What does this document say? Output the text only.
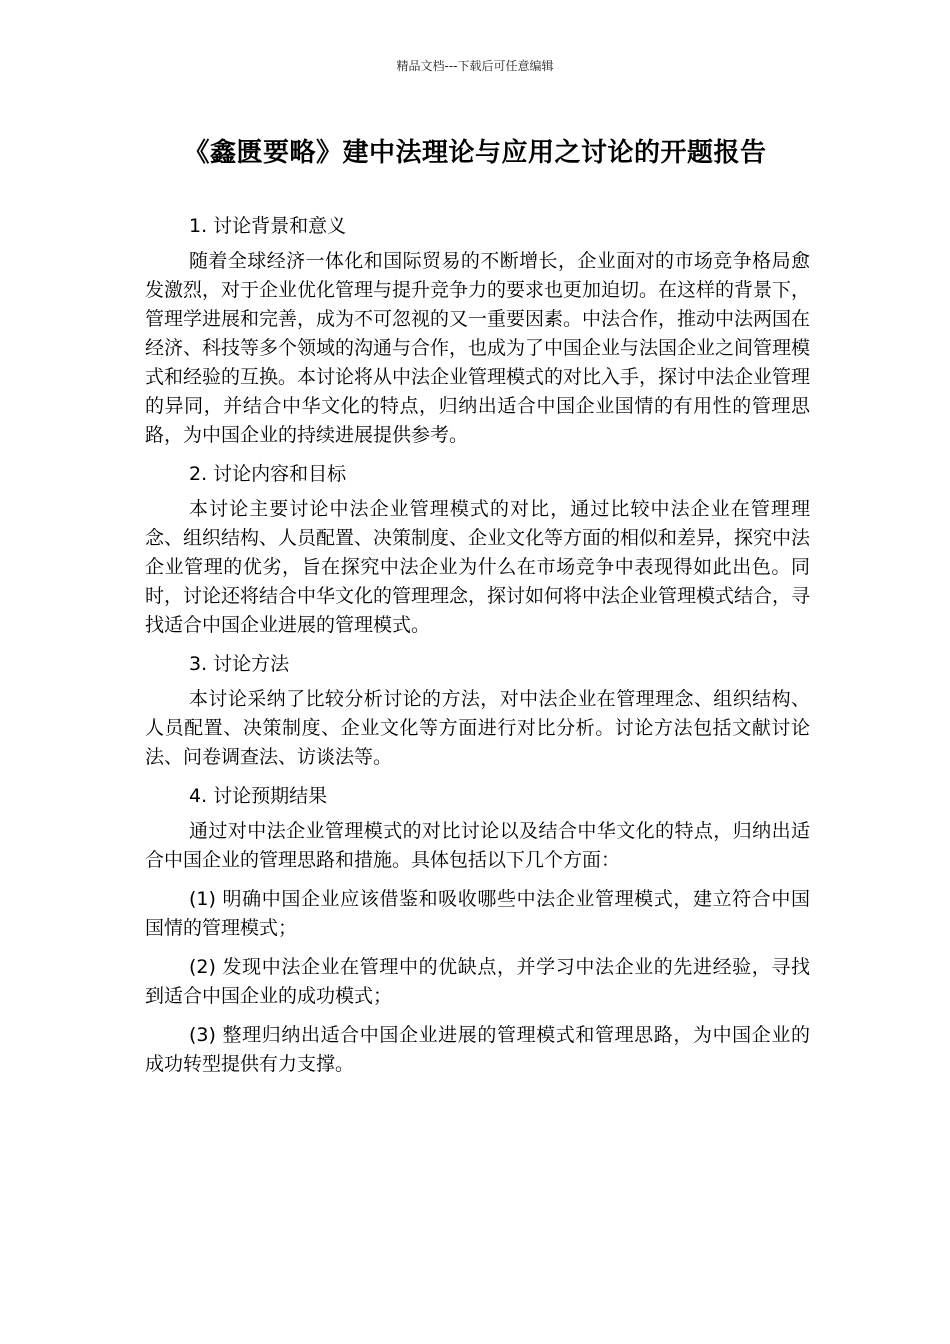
精品文档---下载后可任意编辑
《鑫匮要略》建中法理论与应用之讨论的开题报告

1. 讨论背景和意义

随着全球经济一体化和国际贸易的不断增长，企业面对的市场竞争格局愈发激烈，对于企业优化管理与提升竞争力的要求也更加迫切。在这样的背景下，管理学进展和完善，成为不可忽视的又一重要因素。中法合作，推动中法两国在经济、科技等多个领域的沟通与合作，也成为了中国企业与法国企业之间管理模式和经验的互换。本讨论将从中法企业管理模式的对比入手，探讨中法企业管理的异同，并结合中华文化的特点，归纳出适合中国企业国情的有用性的管理思路，为中国企业的持续进展提供参考。

2. 讨论内容和目标

本讨论主要讨论中法企业管理模式的对比，通过比较中法企业在管理理念、组织结构、人员配置、决策制度、企业文化等方面的相似和差异，探究中法企业管理的优劣，旨在探究中法企业为什么在市场竞争中表现得如此出色。同时，讨论还将结合中华文化的管理理念，探讨如何将中法企业管理模式结合，寻找适合中国企业进展的管理模式。

3. 讨论方法

本讨论采纳了比较分析讨论的方法，对中法企业在管理理念、组织结构、人员配置、决策制度、企业文化等方面进行对比分析。讨论方法包括文献讨论法、问卷调查法、访谈法等。

4. 讨论预期结果

通过对中法企业管理模式的对比讨论以及结合中华文化的特点，归纳出适合中国企业的管理思路和措施。具体包括以下几个方面：

(1) 明确中国企业应该借鉴和吸收哪些中法企业管理模式，建立符合中国国情的管理模式；

(2) 发现中法企业在管理中的优缺点，并学习中法企业的先进经验，寻找到适合中国企业的成功模式；

(3) 整理归纳出适合中国企业进展的管理模式和管理思路，为中国企业的成功转型提供有力支撑。
